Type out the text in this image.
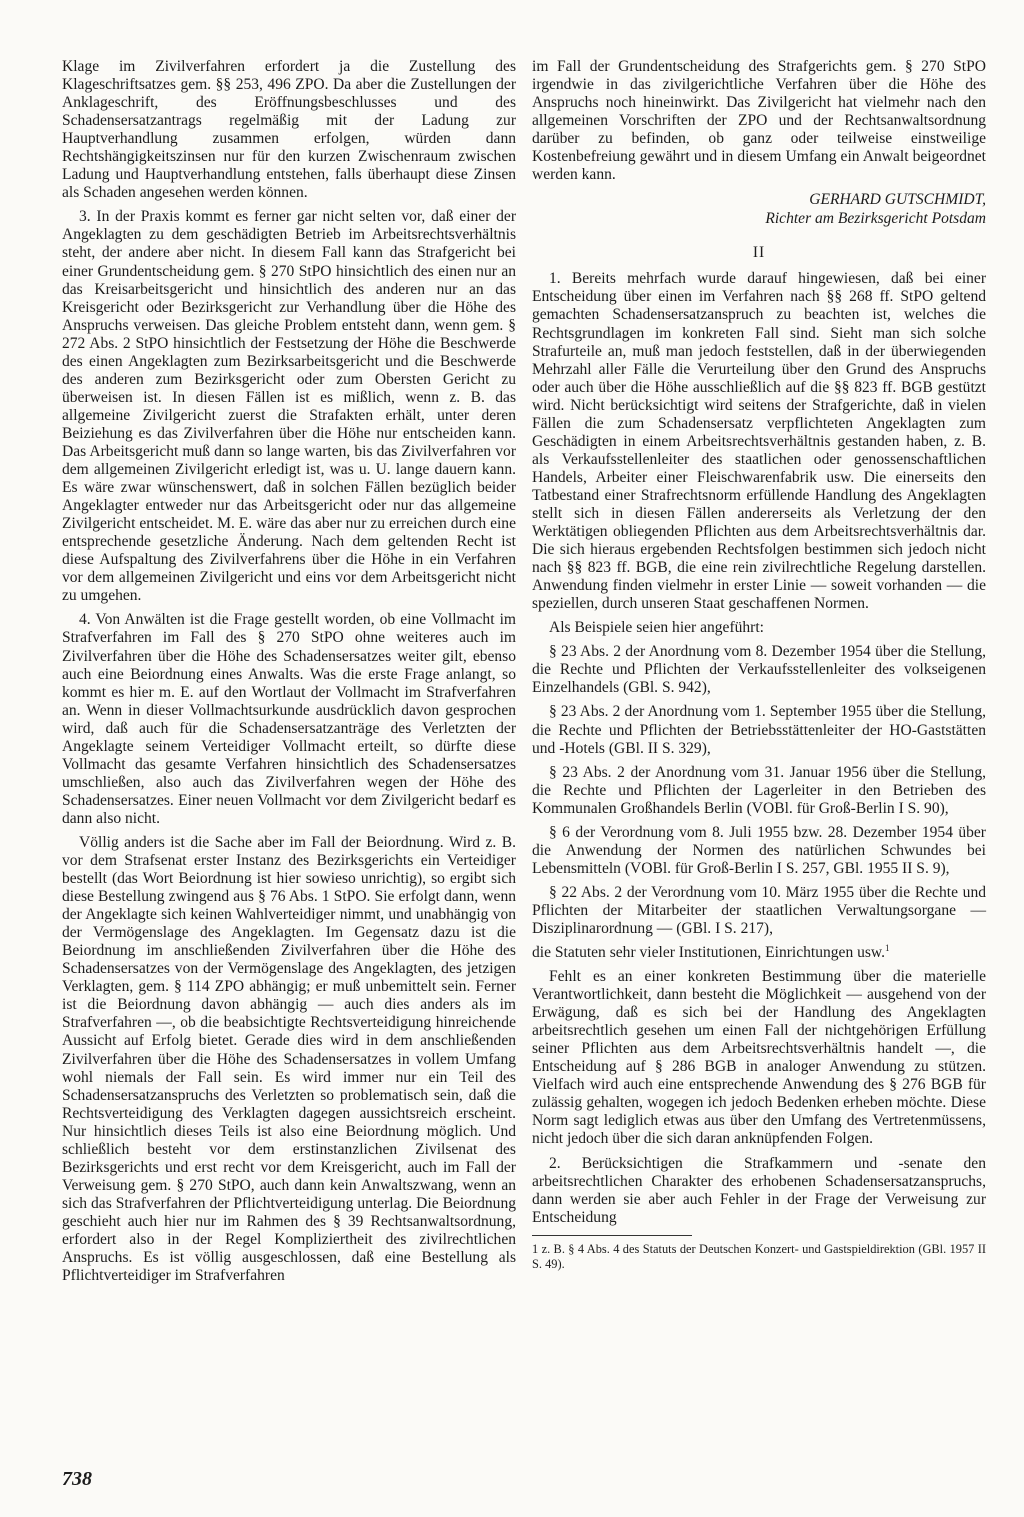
Klage im Zivilverfahren erfordert ja die Zustellung des Klageschriftsatzes gem. §§ 253, 496 ZPO. Da aber die Zustellungen der Anklageschrift, des Eröffnungsbeschlusses und des Schadensersatzantrags regelmäßig mit der Ladung zur Hauptverhandlung zusammen erfolgen, würden dann Rechtshängigkeitszinsen nur für den kurzen Zwischenraum zwischen Ladung und Hauptverhandlung entstehen, falls überhaupt diese Zinsen als Schaden angesehen werden können.

3. In der Praxis kommt es ferner gar nicht selten vor, daß einer der Angeklagten zu dem geschädigten Betrieb im Arbeitsrechtsverhältnis steht, der andere aber nicht. In diesem Fall kann das Strafgericht bei einer Grundentscheidung gem. § 270 StPO hinsichtlich des einen nur an das Kreisarbeitsgericht und hinsichtlich des anderen nur an das Kreisgericht oder Bezirksgericht zur Verhandlung über die Höhe des Anspruchs verweisen. Das gleiche Problem entsteht dann, wenn gem. § 272 Abs. 2 StPO hinsichtlich der Festsetzung der Höhe die Beschwerde des einen Angeklagten zum Bezirksarbeitsgericht und die Beschwerde des anderen zum Bezirksgericht oder zum Obersten Gericht zu überweisen ist. In diesen Fällen ist es mißlich, wenn z. B. das allgemeine Zivilgericht zuerst die Strafakten erhält, unter deren Beiziehung es das Zivilverfahren über die Höhe nur entscheiden kann. Das Arbeitsgericht muß dann so lange warten, bis das Zivilverfahren vor dem allgemeinen Zivilgericht erledigt ist, was u. U. lange dauern kann. Es wäre zwar wünschenswert, daß in solchen Fällen bezüglich beider Angeklagter entweder nur das Arbeitsgericht oder nur das allgemeine Zivilgericht entscheidet. M. E. wäre das aber nur zu erreichen durch eine entsprechende gesetzliche Änderung. Nach dem geltenden Recht ist diese Aufspaltung des Zivilverfahrens über die Höhe in ein Verfahren vor dem allgemeinen Zivilgericht und eins vor dem Arbeitsgericht nicht zu umgehen.

4. Von Anwälten ist die Frage gestellt worden, ob eine Vollmacht im Strafverfahren im Fall des § 270 StPO ohne weiteres auch im Zivilverfahren über die Höhe des Schadensersatzes weiter gilt, ebenso auch eine Beiordnung eines Anwalts. Was die erste Frage anlangt, so kommt es hier m. E. auf den Wortlaut der Vollmacht im Strafverfahren an. Wenn in dieser Vollmachtsurkunde ausdrücklich davon gesprochen wird, daß auch für die Schadensersatzanträge des Verletzten der Angeklagte seinem Verteidiger Vollmacht erteilt, so dürfte diese Vollmacht das gesamte Verfahren hinsichtlich des Schadensersatzes umschließen, also auch das Zivilverfahren wegen der Höhe des Schadensersatzes. Einer neuen Vollmacht vor dem Zivilgericht bedarf es dann also nicht.

Völlig anders ist die Sache aber im Fall der Beiordnung. Wird z. B. vor dem Strafsenat erster Instanz des Bezirksgerichts ein Verteidiger bestellt (das Wort Beiordnung ist hier sowieso unrichtig), so ergibt sich diese Bestellung zwingend aus § 76 Abs. 1 StPO. Sie erfolgt dann, wenn der Angeklagte sich keinen Wahlverteidiger nimmt, und unabhängig von der Vermögenslage des Angeklagten. Im Gegensatz dazu ist die Beiordnung im anschließenden Zivilverfahren über die Höhe des Schadensersatzes von der Vermögenslage des Angeklagten, des jetzigen Verklagten, gem. § 114 ZPO abhängig; er muß unbemittelt sein. Ferner ist die Beiordnung davon abhängig — auch dies anders als im Strafverfahren —, ob die beabsichtigte Rechtsverteidigung hinreichende Aussicht auf Erfolg bietet. Gerade dies wird in dem anschließenden Zivilverfahren über die Höhe des Schadensersatzes in vollem Umfang wohl niemals der Fall sein. Es wird immer nur ein Teil des Schadensersatzanspruchs des Verletzten so problematisch sein, daß die Rechtsverteidigung des Verklagten dagegen aussichtsreich erscheint. Nur hinsichtlich dieses Teils ist also eine Beiordnung möglich. Und schließlich besteht vor dem erstinstanzlichen Zivilsenat des Bezirksgerichts und erst recht vor dem Kreisgericht, auch im Fall der Verweisung gem. § 270 StPO, auch dann kein Anwaltszwang, wenn an sich das Strafverfahren der Pflichtverteidigung unterlag. Die Beiordnung geschieht auch hier nur im Rahmen des § 39 Rechtsanwaltsordnung, erfordert also in der Regel Kompliziertheit des zivilrechtlichen Anspruchs. Es ist völlig ausgeschlossen, daß eine Bestellung als Pflichtverteidiger im Strafverfahren

im Fall der Grundentscheidung des Strafgerichts gem. § 270 StPO irgendwie in das zivilgerichtliche Verfahren über die Höhe des Anspruchs noch hineinwirkt. Das Zivilgericht hat vielmehr nach den allgemeinen Vorschriften der ZPO und der Rechtsanwaltsordnung darüber zu befinden, ob ganz oder teilweise einstweilige Kostenbefreiung gewährt und in diesem Umfang ein Anwalt beigeordnet werden kann.

GERHARD GUTSCHMIDT,
Richter am Bezirksgericht Potsdam
II

1. Bereits mehrfach wurde darauf hingewiesen, daß bei einer Entscheidung über einen im Verfahren nach §§ 268 ff. StPO geltend gemachten Schadensersatzanspruch zu beachten ist, welches die Rechtsgrundlagen im konkreten Fall sind. Sieht man sich solche Strafurteile an, muß man jedoch feststellen, daß in der überwiegenden Mehrzahl aller Fälle die Verurteilung über den Grund des Anspruchs oder auch über die Höhe ausschließlich auf die §§ 823 ff. BGB gestützt wird. Nicht berücksichtigt wird seitens der Strafgerichte, daß in vielen Fällen die zum Schadensersatz verpflichteten Angeklagten zum Geschädigten in einem Arbeitsrechtsverhältnis gestanden haben, z. B. als Verkaufsstellenleiter des staatlichen oder genossenschaftlichen Handels, Arbeiter einer Fleischwarenfabrik usw. Die einerseits den Tatbestand einer Strafrechtsnorm erfüllende Handlung des Angeklagten stellt sich in diesen Fällen andererseits als Verletzung der den Werktätigen obliegenden Pflichten aus dem Arbeitsrechtsverhältnis dar. Die sich hieraus ergebenden Rechtsfolgen bestimmen sich jedoch nicht nach §§ 823 ff. BGB, die eine rein zivilrechtliche Regelung darstellen. Anwendung finden vielmehr in erster Linie — soweit vorhanden — die speziellen, durch unseren Staat geschaffenen Normen.

Als Beispiele seien hier angeführt:

§ 23 Abs. 2 der Anordnung vom 8. Dezember 1954 über die Stellung, die Rechte und Pflichten der Verkaufsstellenleiter des volkseigenen Einzelhandels (GBl. S. 942),

§ 23 Abs. 2 der Anordnung vom 1. September 1955 über die Stellung, die Rechte und Pflichten der Betriebsstättenleiter der HO-Gaststätten und -Hotels (GBl. II S. 329),

§ 23 Abs. 2 der Anordnung vom 31. Januar 1956 über die Stellung, die Rechte und Pflichten der Lagerleiter in den Betrieben des Kommunalen Großhandels Berlin (VOBl. für Groß-Berlin I S. 90),

§ 6 der Verordnung vom 8. Juli 1955 bzw. 28. Dezember 1954 über die Anwendung der Normen des natürlichen Schwundes bei Lebensmitteln (VOBl. für Groß-Berlin I S. 257, GBl. 1955 II S. 9),

§ 22 Abs. 2 der Verordnung vom 10. März 1955 über die Rechte und Pflichten der Mitarbeiter der staatlichen Verwaltungsorgane — Disziplinarordnung — (GBl. I S. 217),

die Statuten sehr vieler Institutionen, Einrichtungen usw.$^1$

Fehlt es an einer konkreten Bestimmung über die materielle Verantwortlichkeit, dann besteht die Möglichkeit — ausgehend von der Erwägung, daß es sich bei der Handlung des Angeklagten arbeitsrechtlich gesehen um einen Fall der nichtgehörigen Erfüllung seiner Pflichten aus dem Arbeitsrechtsverhältnis handelt —, die Entscheidung auf § 286 BGB in analoger Anwendung zu stützen. Vielfach wird auch eine entsprechende Anwendung des § 276 BGB für zulässig gehalten, wogegen ich jedoch Bedenken erheben möchte. Diese Norm sagt lediglich etwas aus über den Umfang des Vertretenmüssens, nicht jedoch über die sich daran anknüpfenden Folgen.

2. Berücksichtigen die Strafkammern und -senate den arbeitsrechtlichen Charakter des erhobenen Schadensersatzanspruchs, dann werden sie aber auch Fehler in der Frage der Verweisung zur Entscheidung

1 z. B. § 4 Abs. 4 des Statuts der Deutschen Konzert- und Gastspieldirektion (GBl. 1957 II S. 49).
738
